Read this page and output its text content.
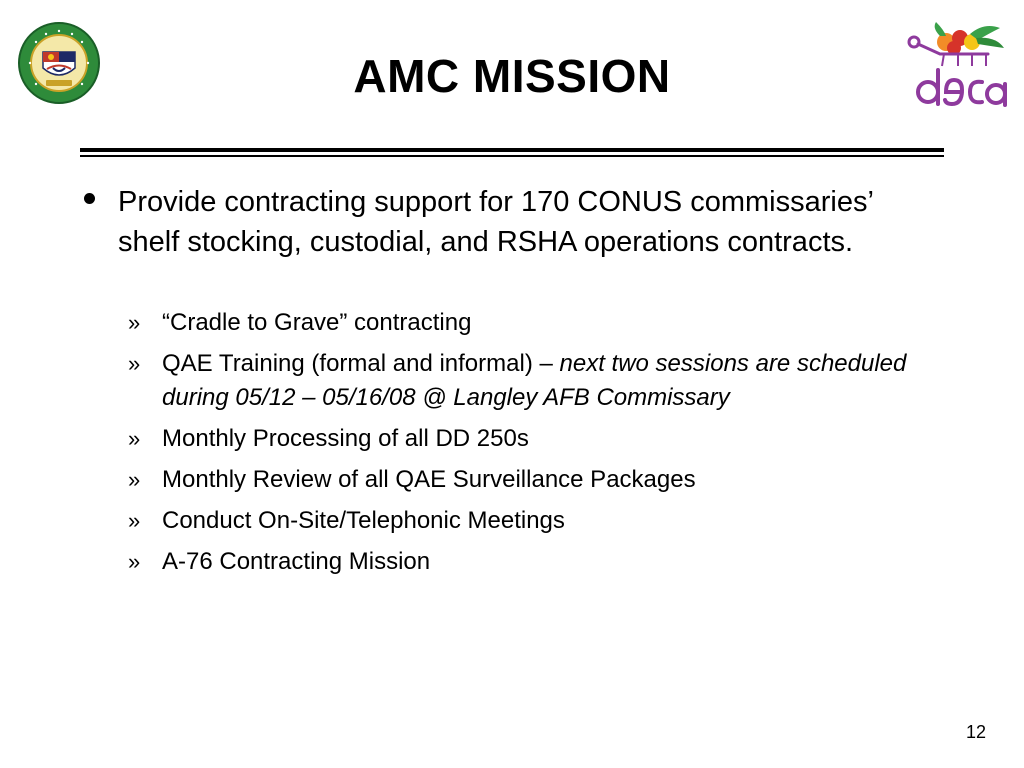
AMC MISSION
Provide contracting support for 170 CONUS commissaries’ shelf stocking, custodial, and RSHA operations contracts.
» “Cradle to Grave” contracting
» QAE Training (formal and informal) – next two sessions are scheduled during 05/12 – 05/16/08 @ Langley AFB Commissary
» Monthly Processing of all DD 250s
» Monthly Review of all QAE Surveillance Packages
» Conduct On-Site/Telephonic Meetings
» A-76 Contracting Mission
12
